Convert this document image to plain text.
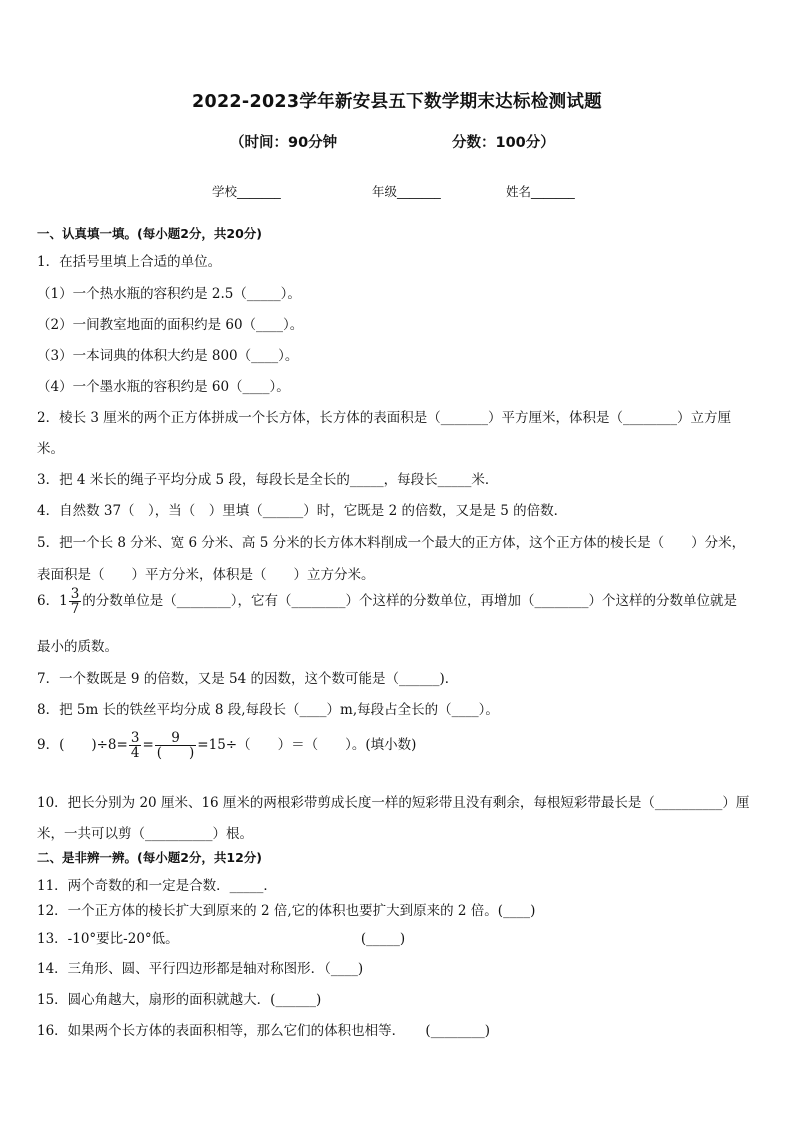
2022-2023学年新安县五下数学期末达标检测试题
（时间：90分钟	分数：100分）
学校_______	年级_______	姓名_______
一、认真填一填。(每小题2分，共20分)
1．在括号里填上合适的单位。
（1）一个热水瓶的容积约是 2.5（_____）。
（2）一间教室地面的面积约是 60（____）。
（3）一本词典的体积大约是 800（____）。
（4）一个墨水瓶的容积约是 60（____）。
2．棱长 3 厘米的两个正方体拼成一个长方体，长方体的表面积是（_______）平方厘米，体积是（________）立方厘
米。
3．把 4 米长的绳子平均分成 5 段，每段长是全长的_____，每段长_____米．
4．自然数 37（　），当（　）里填（______）时，它既是 2 的倍数，又是是 5 的倍数．
5．把一个长 8 分米、宽 6 分米、高 5 分米的长方体木料削成一个最大的正方体，这个正方体的棱长是（　　）分米，
表面积是（　　）平方分米，体积是（　　）立方分米。
6．$1 \frac{3}{7}$ 的分数单位是（________），它有（________）个这样的分数单位，再增加（________）个这样的分数单位就是
最小的质数。
7．一个数既是 9 的倍数，又是 54 的因数，这个数可能是（______)．
8．把 5m 长的铁丝平均分成 8 段,每段长（____）m,每段占全长的（____）。
9．(　　)$\div 8= \frac{3}{4} = \frac{9}{( )} =15\div$（　　）＝（　　）。(填小数)
10．把长分别为 20 厘米、16 厘米的两根彩带剪成长度一样的短彩带且没有剩余，每根短彩带最长是（__________）厘
米，一共可以剪（__________）根。
二、是非辨一辨。(每小题2分，共12分)
11．两个奇数的和一定是合数．_____．
12．一个正方体的棱长扩大到原来的 2 倍,它的体积也要扩大到原来的 2 倍。(____)
13．-10°要比-20°低。　　　　　　　　　　　　　　(_____)
14．三角形、圆、平行四边形都是轴对称图形．（____)
15．圆心角越大，扇形的面积就越大．(______)
16．如果两个长方体的表面积相等，那么它们的体积也相等．　　(________)
